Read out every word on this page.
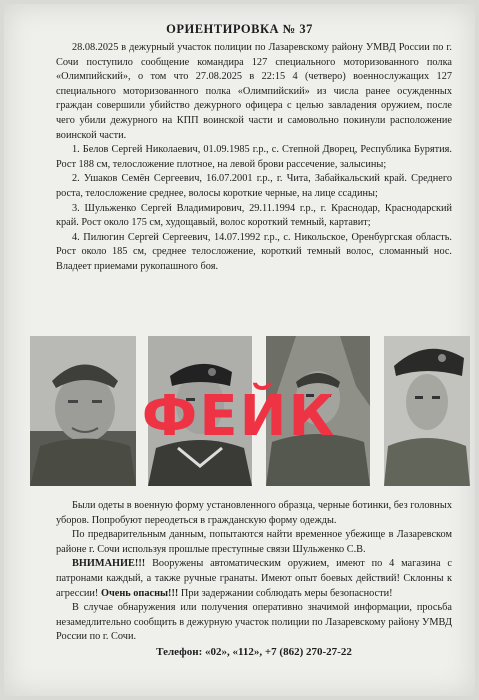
ОРИЕНТИРОВКА № 37

28.08.2025 в дежурный участок полиции по Лазаревскому району УМВД России по г. Сочи поступило сообщение командира 127 специального моторизованного полка «Олимпийский», о том что 27.08.2025 в 22:15 4 (четверо) военнослужащих 127 специального моторизованного полка «Олимпийский» из числа ранее осужденных граждан совершили убийство дежурного офицера с целью завладения оружием, после чего убили дежурного на КПП воинской части и самовольно покинули расположение воинской части.

1. Белов Сергей Николаевич, 01.09.1985 г.р., с. Степной Дворец, Республика Бурятия. Рост 188 см, телосложение плотное, на левой брови рассечение, залысины;

2. Ушаков Семён Сергеевич, 16.07.2001 г.р., г. Чита, Забайкальский край. Среднего роста, телосложение среднее, волосы короткие черные, на лице ссадины;

3. Шульженко Сергей Владимирович, 29.11.1994 г.р., г. Краснодар, Краснодарский край. Рост около 175 см, худощавый, волос короткий темный, картавит;

4. Пилюгин Сергей Сергеевич, 14.07.1992 г.р., с. Никольское, Оренбургская область. Рост около 185 см, среднее телосложение, короткий темный волос, сломанный нос. Владеет приемами рукопашного боя.

ФЕЙК

Были одеты в военную форму установленного образца, черные ботинки, без головных уборов. Попробуют переодеться в гражданскую форму одежды.

По предварительным данным, попытаются найти временное убежище в Лазаревском районе г. Сочи используя прошлые преступные связи Шульженко С.В.

ВНИМАНИЕ!!! Вооружены автоматическим оружием, имеют по 4 магазина с патронами каждый, а также ручные гранаты. Имеют опыт боевых действий! Склонны к агрессии! Очень опасны!!! При задержании соблюдать меры безопасности!

В случае обнаружения или получения оперативно значимой информации, просьба незамедлительно сообщить в дежурную участок полиции по Лазаревскому району УМВД России по г. Сочи.

Телефон: «02», «112», +7 (862) 270-27-22
